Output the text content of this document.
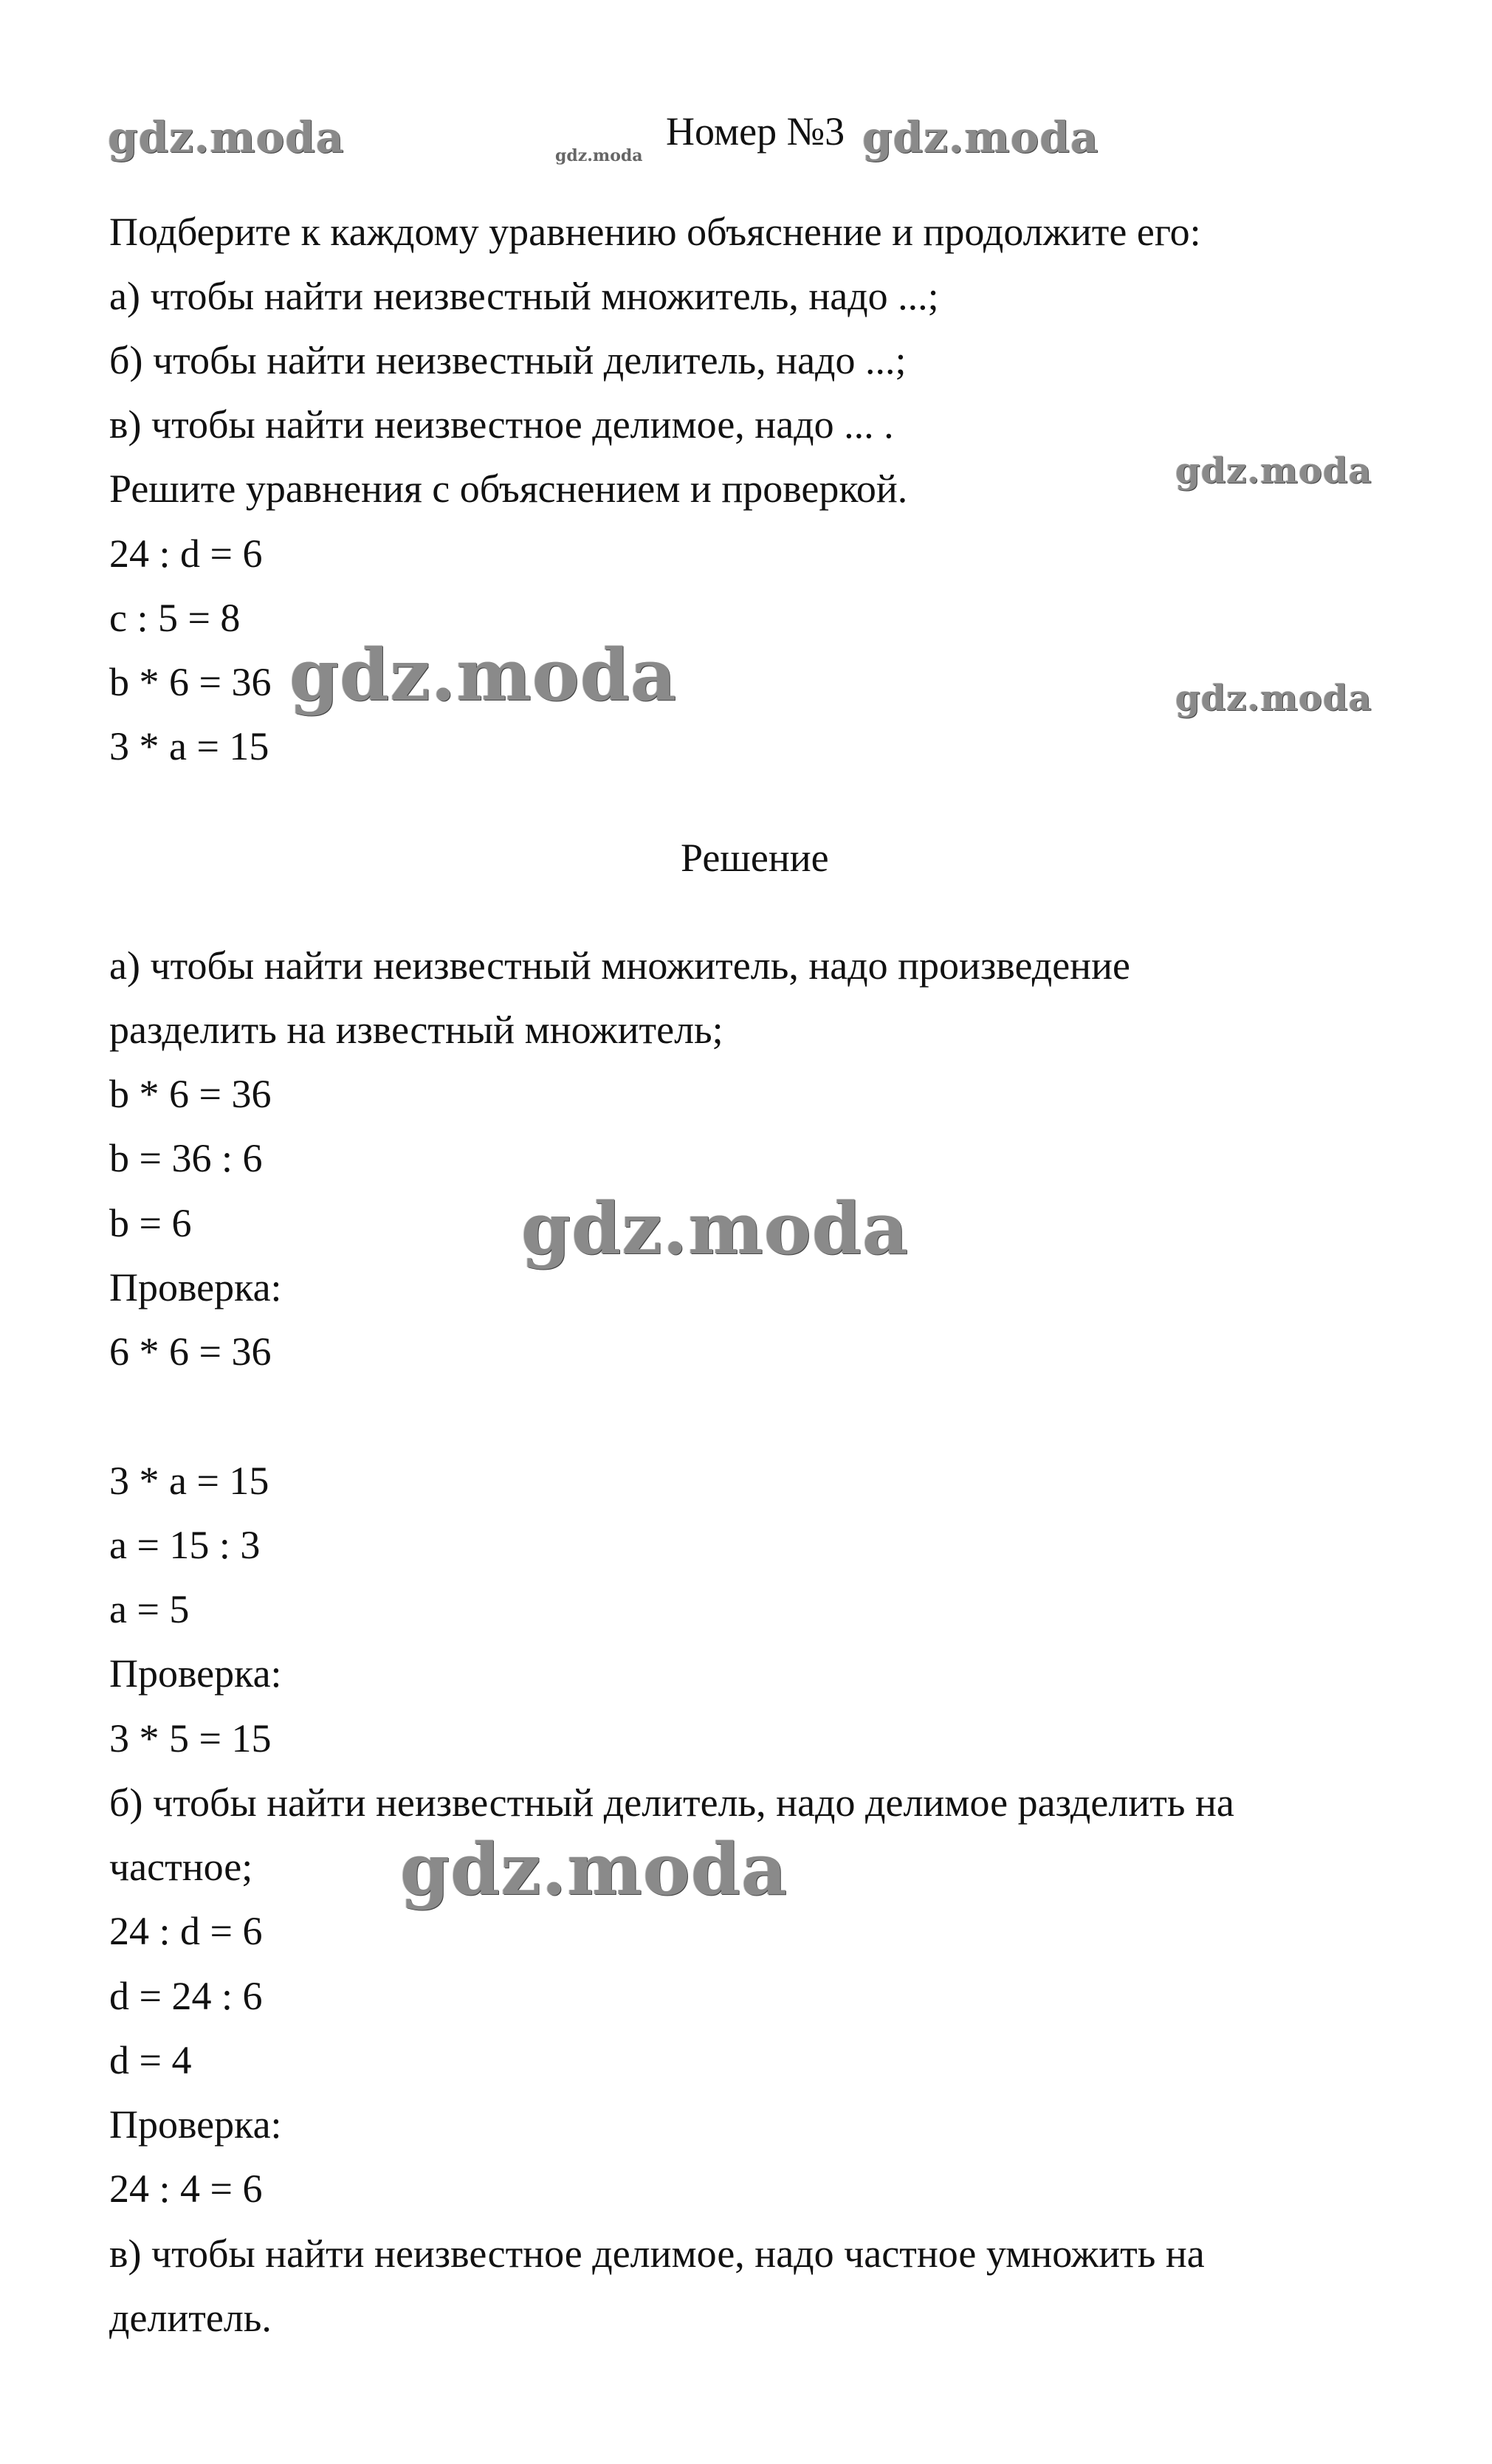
gdz.moda	gdz.moda	gdz.moda
gdz.moda
gdz.moda	gdz.moda
gdz.moda
gdz.moda
Номер №3
Подберите к каждому уравнению объяснение и продолжите его:
а) чтобы найти неизвестный множитель, надо ...;
б) чтобы найти неизвестный делитель, надо ...;
в) чтобы найти неизвестное делимое, надо ... .
Решите уравнения с объяснением и проверкой.
24 : d = 6
c : 5 = 8
b * 6 = 36
3 * a = 15
Решение
а) чтобы найти неизвестный множитель, надо произведение
разделить на известный множитель;
b * 6 = 36
b = 36 : 6
b = 6
Проверка:
6 * 6 = 36
3 * a = 15
a = 15 : 3
a = 5
Проверка:
3 * 5 = 15
б) чтобы найти неизвестный делитель, надо делимое разделить на
частное;
24 : d = 6
d = 24 : 6
d = 4
Проверка:
24 : 4 = 6
в) чтобы найти неизвестное делимое, надо частное умножить на
делитель.
